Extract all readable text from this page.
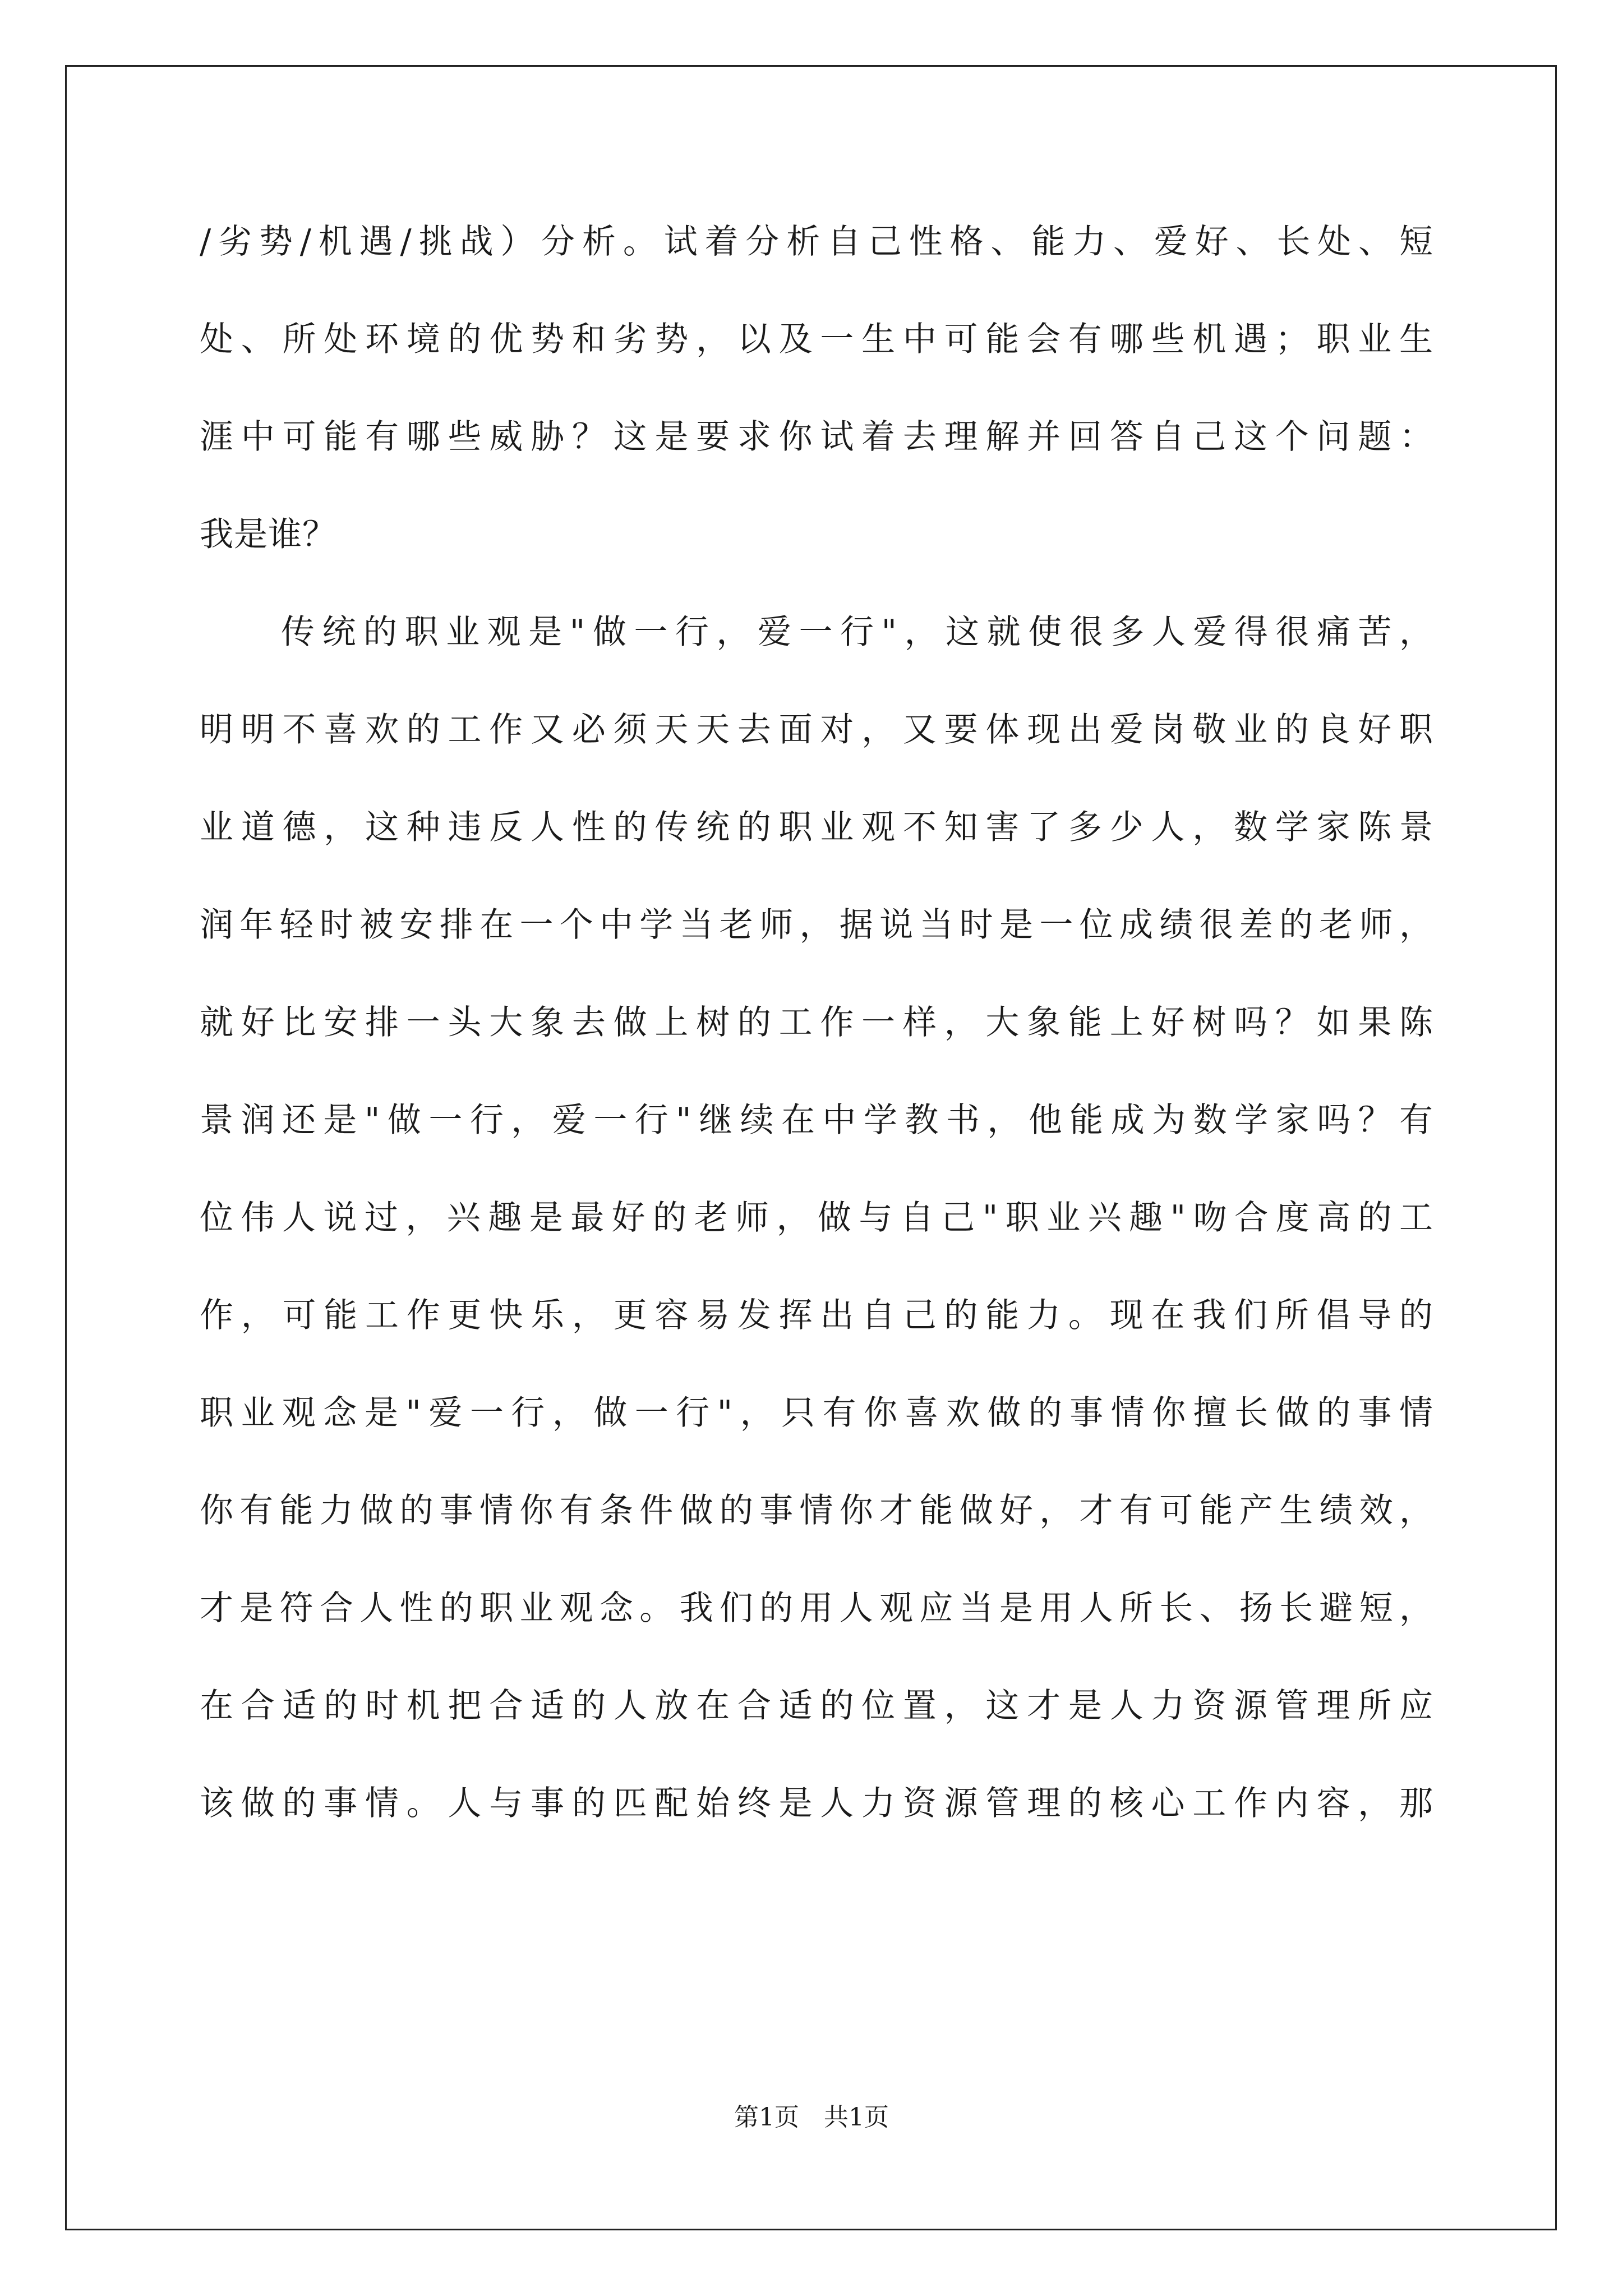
/劣势/机遇/挑战）分析。试着分析自己性格、能力、爱好、长处、短
处、所处环境的优势和劣势，以及一生中可能会有哪些机遇；职业生
涯中可能有哪些威胁？这是要求你试着去理解并回答自己这个问题：
我是谁？
传统的职业观是"做一行，爱一行"，这就使很多人爱得很痛苦，
明明不喜欢的工作又必须天天去面对，又要体现出爱岗敬业的良好职
业道德，这种违反人性的传统的职业观不知害了多少人，数学家陈景
润年轻时被安排在一个中学当老师，据说当时是一位成绩很差的老师，
就好比安排一头大象去做上树的工作一样，大象能上好树吗？如果陈
景润还是"做一行，爱一行"继续在中学教书，他能成为数学家吗？有
位伟人说过，兴趣是最好的老师，做与自己"职业兴趣"吻合度高的工
作，可能工作更快乐，更容易发挥出自己的能力。现在我们所倡导的
职业观念是"爱一行，做一行"，只有你喜欢做的事情你擅长做的事情
你有能力做的事情你有条件做的事情你才能做好，才有可能产生绩效，
才是符合人性的职业观念。我们的用人观应当是用人所长、扬长避短，
在合适的时机把合适的人放在合适的位置，这才是人力资源管理所应
该做的事情。人与事的匹配始终是人力资源管理的核心工作内容，那
第1页　共1页
